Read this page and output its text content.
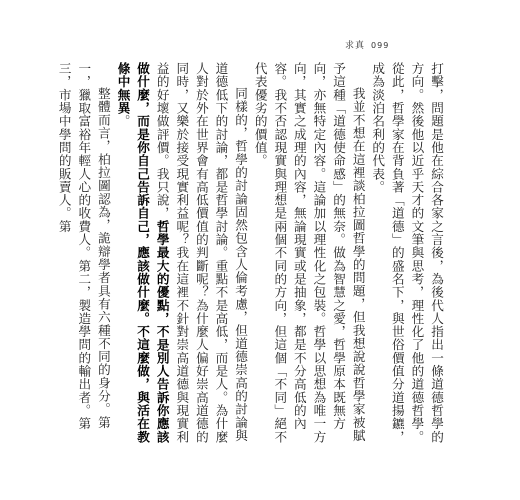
求真 099

打擊，問題是他在綜合各家之言後，為後代人指出一條道德哲學的方向。然後他以近乎天才的文筆與思考，理性化了他的道德哲學。從此，哲學家在背負著「道德」的盛名下，與世俗價值分道揚鑣，成為淡泊名利的代表。

我並不想在這裡談柏拉圖哲學的問題，但我想說說哲學家被賦予這種「道德使命感」的無奈。做為智慧之愛，哲學原本既無方向，亦無特定內容。這論加以理性化之包裝。哲學以思想為唯一方向，其實之成理的內容，無論現實或是抽象，都是不分高低的內容。我不否認現實與理想是兩個不同的方向，但這個「不同」絕不代表優劣的價值。

同樣的，哲學的討論固然包含人倫考慮，但道德崇高的討論與道德低下的討論，都是哲學討論。重點不是高低，而是人。為什麼人對於外在世界會有高低價值的判斷呢？為什麼人偏好崇高道德的同時，又樂於接受現實利益呢？我在這裡不針對崇高道德與現實利益的好壞做評價。我只說，哲學最大的優點，不是別人告訴你應該做什麼，而是你自己告訴自己，應該做什麼。不這麼做，與活在教條中無異。

整體而言，柏拉圖認為，詭辯學者具有六種不同的身分。第一，獵取富裕年輕人心的收費人。第二，製造學問的輸出者。第三，市場中學問的販賣人。第
